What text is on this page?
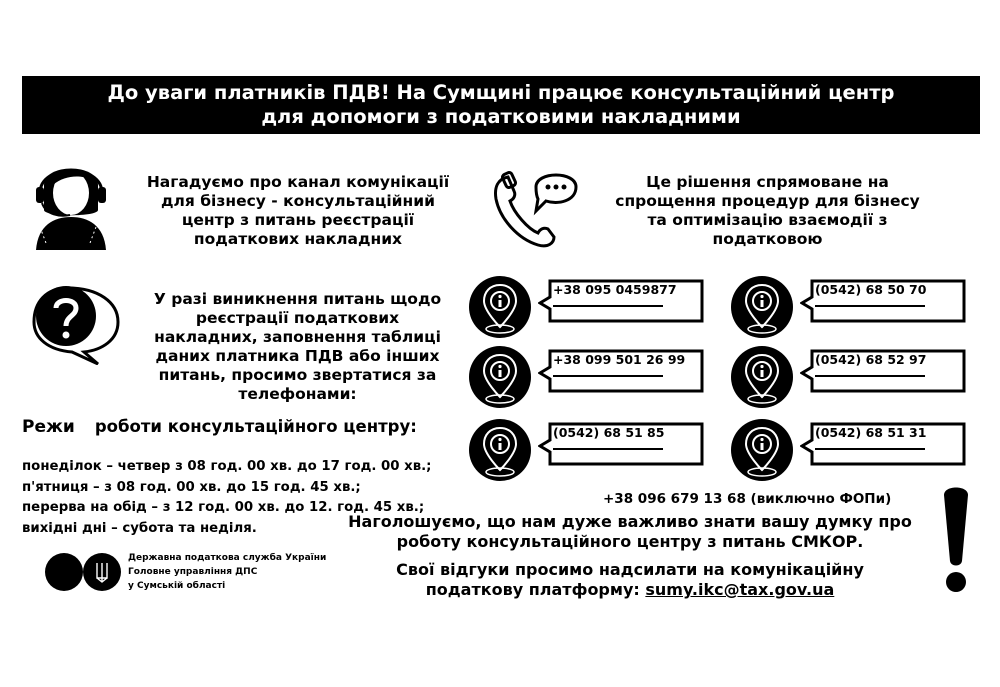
До уваги платників ПДВ! На Сумщині працює консультаційний центр
для допомоги з податковими накладними
Нагадуємо про канал комунікації
для бізнесу - консультаційний
центр з питань реєстрації
податкових накладних
Це рішення спрямоване на
спрощення процедур для бізнесу
та оптимізацію взаємодії з
податковою
У разі виникнення питань щодо
реєстрації податкових
накладних, заповнення таблиці
даних платника ПДВ або інших
питань, просимо звертатися за
телефонами:
Режи роботи консультаційного центру:
понеділок – четвер з 08 год. 00 хв. до 17 год. 00 хв.;
п'ятниця – з 08 год. 00 хв. до 15 год. 45 хв.;
перерва на обід – з 12 год. 00 хв. до 12. год. 45 хв.;
вихідні дні – субота та неділя.
Державна податкова служба України
Головне управління ДПС
у Сумській області
+38 095 0459877	(0542) 68 50 70
+38 099 501 26 99	(0542) 68 52 97
(0542) 68 51 85	(0542) 68 51 31
+38 096 679 13 68 (виключно ФОПи)
Наголошуємо, що нам дуже важливо знати вашу думку про
роботу консультаційного центру з питань СМКОР.
Свої відгуки просимо надсилати на комунікаційну
податкову платформу: sumy.ikc@tax.gov.ua
